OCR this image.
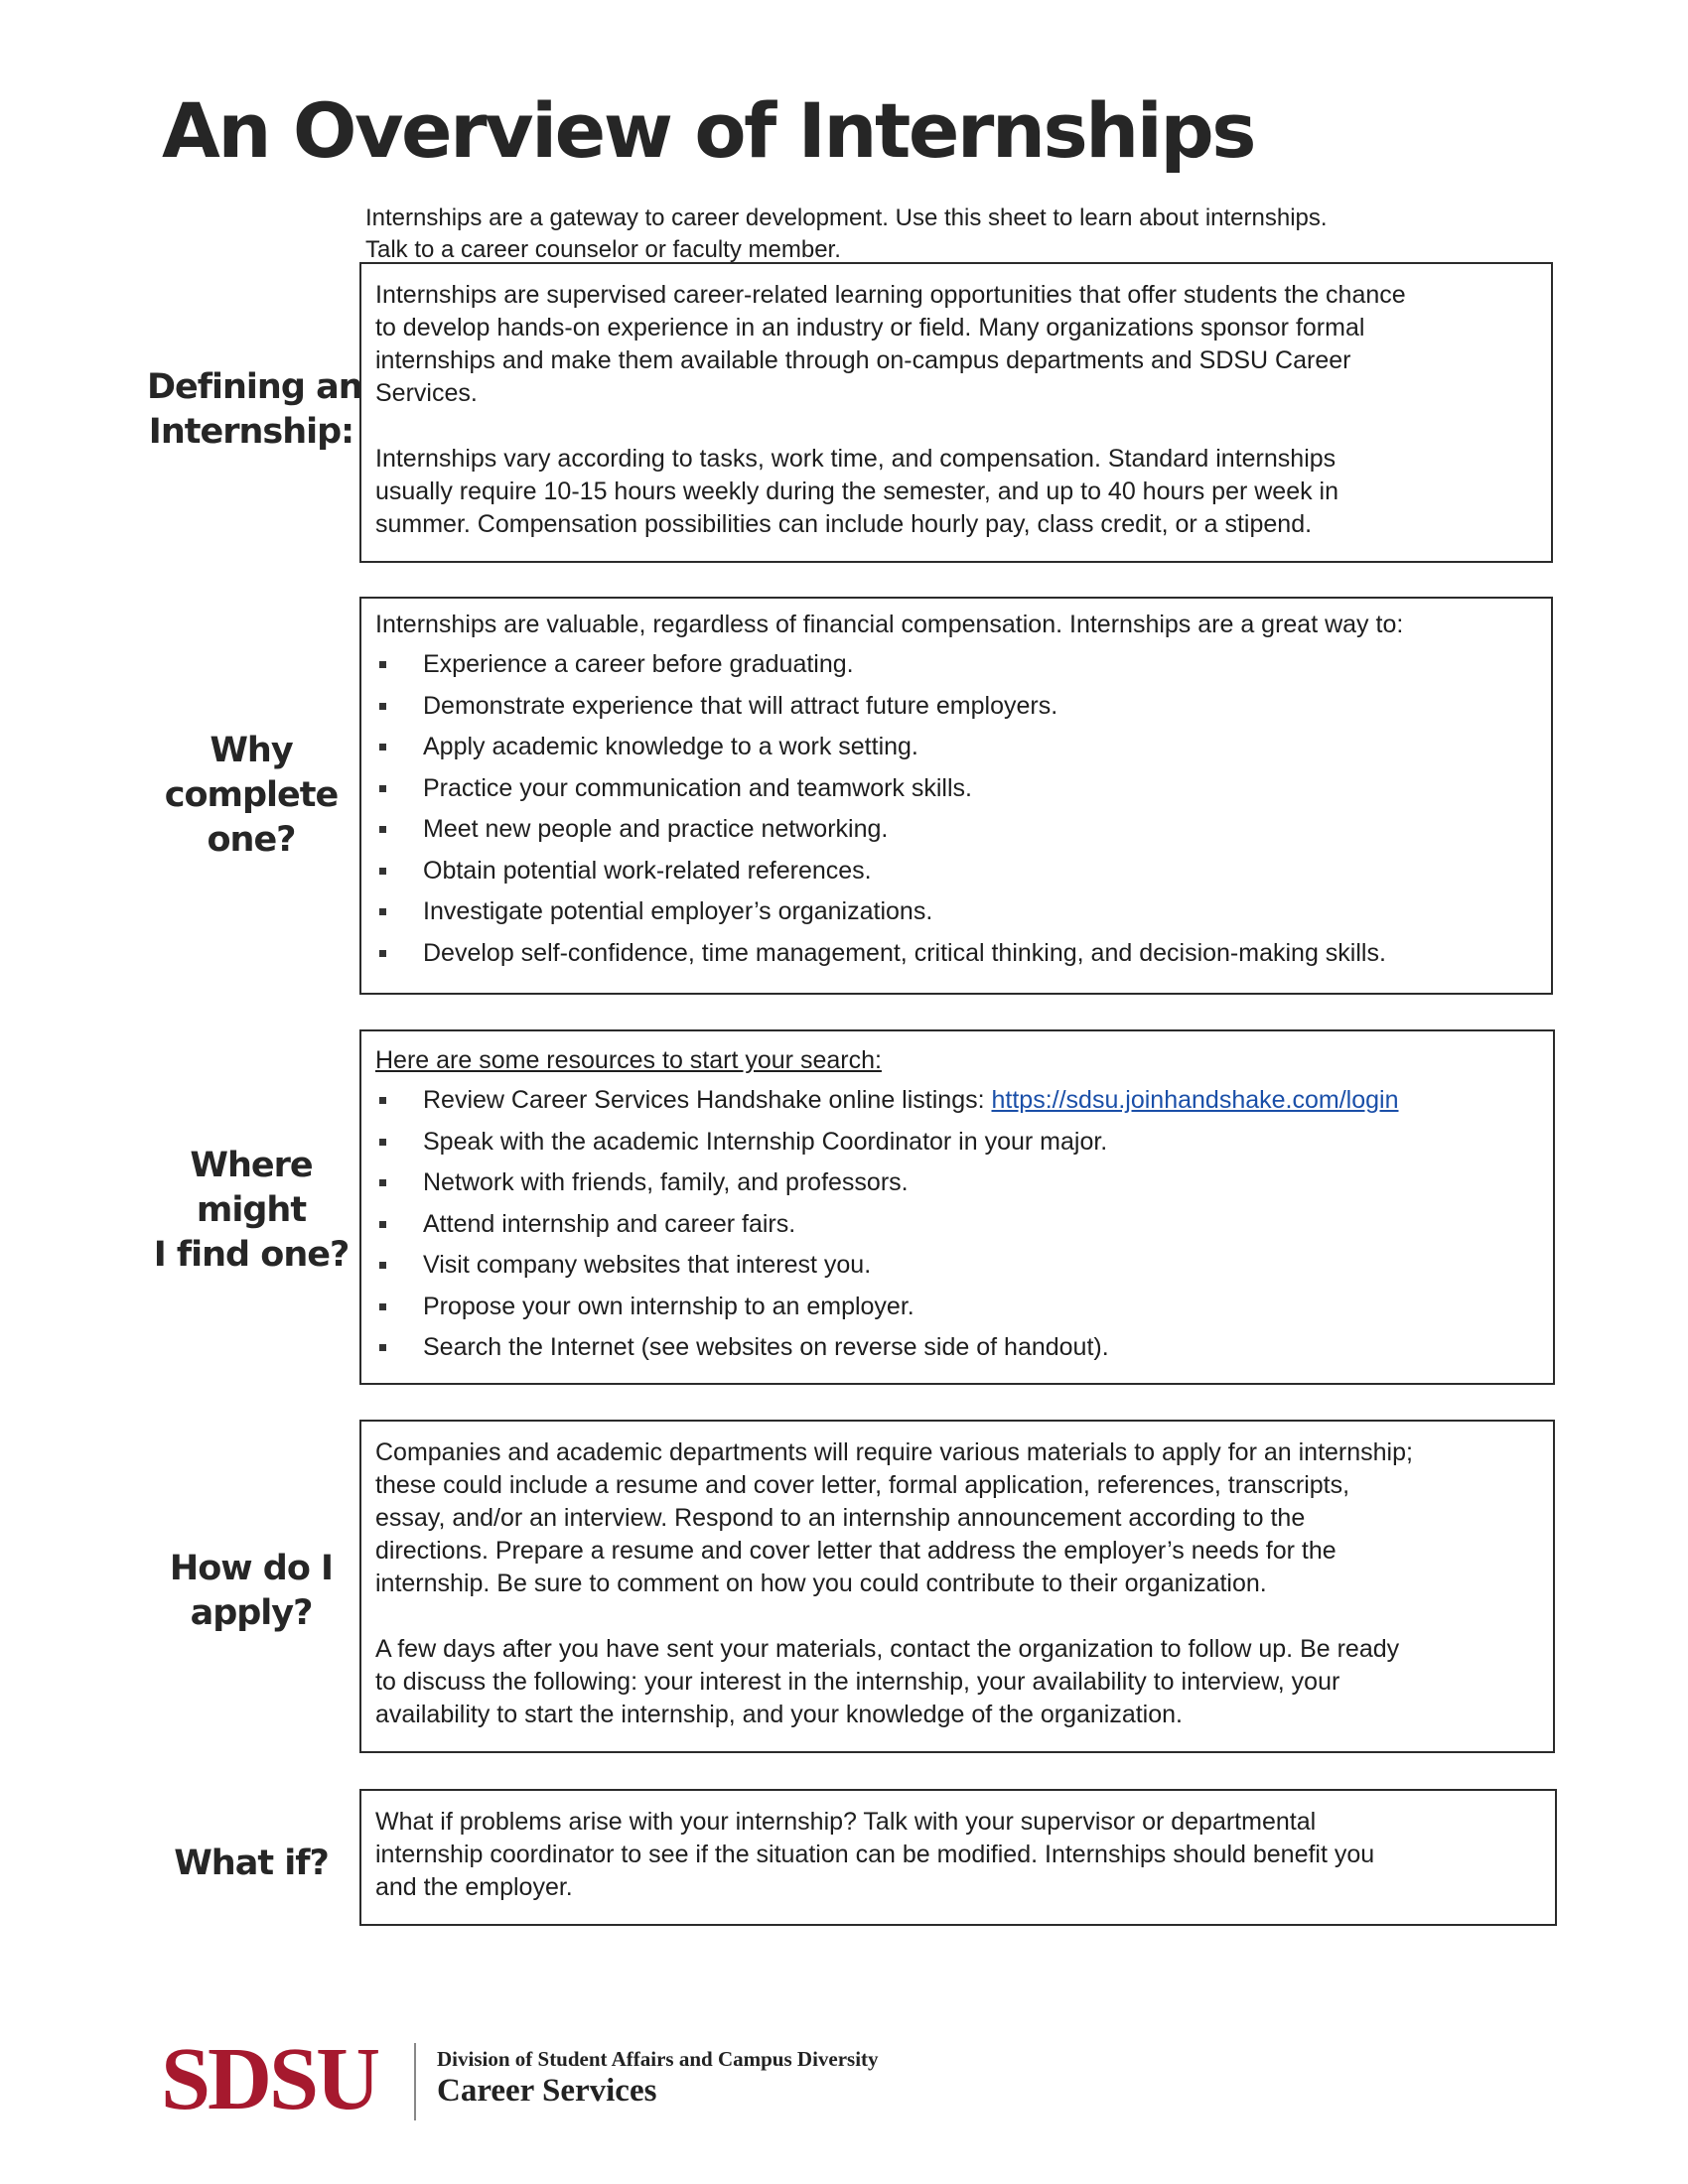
An Overview of Internships
Internships are a gateway to career development. Use this sheet to learn about internships.
Talk to a career counselor or faculty member.
Defining an
Internship:

Internships are supervised career-related learning opportunities that offer students the chance
to develop hands-on experience in an industry or field. Many organizations sponsor formal
internships and make them available through on-campus departments and SDSU Career
Services.

Internships vary according to tasks, work time, and compensation. Standard internships
usually require 10-15 hours weekly during the semester, and up to 40 hours per week in
summer. Compensation possibilities can include hourly pay, class credit, or a stipend.

Why
complete
one?
Internships are valuable, regardless of financial compensation. Internships are a great way to:
Experience a career before graduating.
Demonstrate experience that will attract future employers.
Apply academic knowledge to a work setting.
Practice your communication and teamwork skills.
Meet new people and practice networking.
Obtain potential work-related references.
Investigate potential employer’s organizations.
Develop self-confidence, time management, critical thinking, and decision-making skills.
Where
might
I find one?
Here are some resources to start your search:
Review Career Services Handshake online listings: https://sdsu.joinhandshake.com/login
Speak with the academic Internship Coordinator in your major.
Network with friends, family, and professors.
Attend internship and career fairs.
Visit company websites that interest you.
Propose your own internship to an employer.
Search the Internet (see websites on reverse side of handout).
How do I
apply?

Companies and academic departments will require various materials to apply for an internship;
these could include a resume and cover letter, formal application, references, transcripts,
essay, and/or an interview. Respond to an internship announcement according to the
directions. Prepare a resume and cover letter that address the employer’s needs for the
internship. Be sure to comment on how you could contribute to their organization.

A few days after you have sent your materials, contact the organization to follow up. Be ready
to discuss the following: your interest in the internship, your availability to interview, your
availability to start the internship, and your knowledge of the organization.

What if?

What if problems arise with your internship? Talk with your supervisor or departmental
internship coordinator to see if the situation can be modified. Internships should benefit you
and the employer.

SDSU	Division of Student Affairs and Campus Diversity
Career Services
